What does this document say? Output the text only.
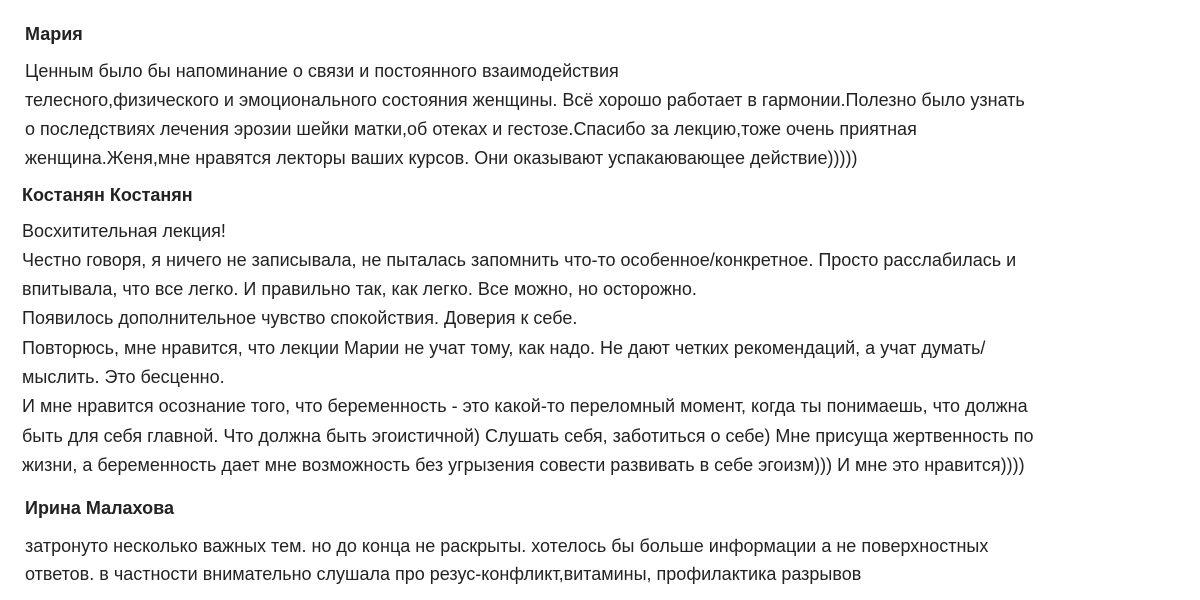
Мария
Ценным было бы напоминание о связи и постоянного взаимодействия
телесного,физического и эмоционального состояния женщины. Всё хорошо работает в гармонии.Полезно было узнать
о последствиях лечения эрозии шейки матки,об отеках и гестозе.Спасибо за лекцию,тоже очень приятная
женщина.Женя,мне нравятся лекторы ваших курсов. Они оказывают успакаювающее действие)))))
Костанян Костанян
Восхитительная лекция!
Честно говоря, я ничего не записывала, не пыталась запомнить что-то особенное/конкретное. Просто расслабилась и
впитывала, что все легко. И правильно так, как легко. Все можно, но осторожно.
Появилось дополнительное чувство спокойствия. Доверия к себе.
Повторюсь, мне нравится, что лекции Марии не учат тому, как надо. Не дают четких рекомендаций, а учат думать/
мыслить. Это бесценно.
И мне нравится осознание того, что беременность - это какой-то переломный момент, когда ты понимаешь, что должна
быть для себя главной. Что должна быть эгоистичной) Слушать себя, заботиться о себе) Мне присуща жертвенность по
жизни, а беременность дает мне возможность без угрызения совести развивать в себе эгоизм))) И мне это нравится))))
Ирина Малахова
затронуто несколько важных тем. но до конца не раскрыты. хотелось бы больше информации а не поверхностных
ответов. в частности внимательно слушала про резус-конфликт,витамины, профилактика разрывов
